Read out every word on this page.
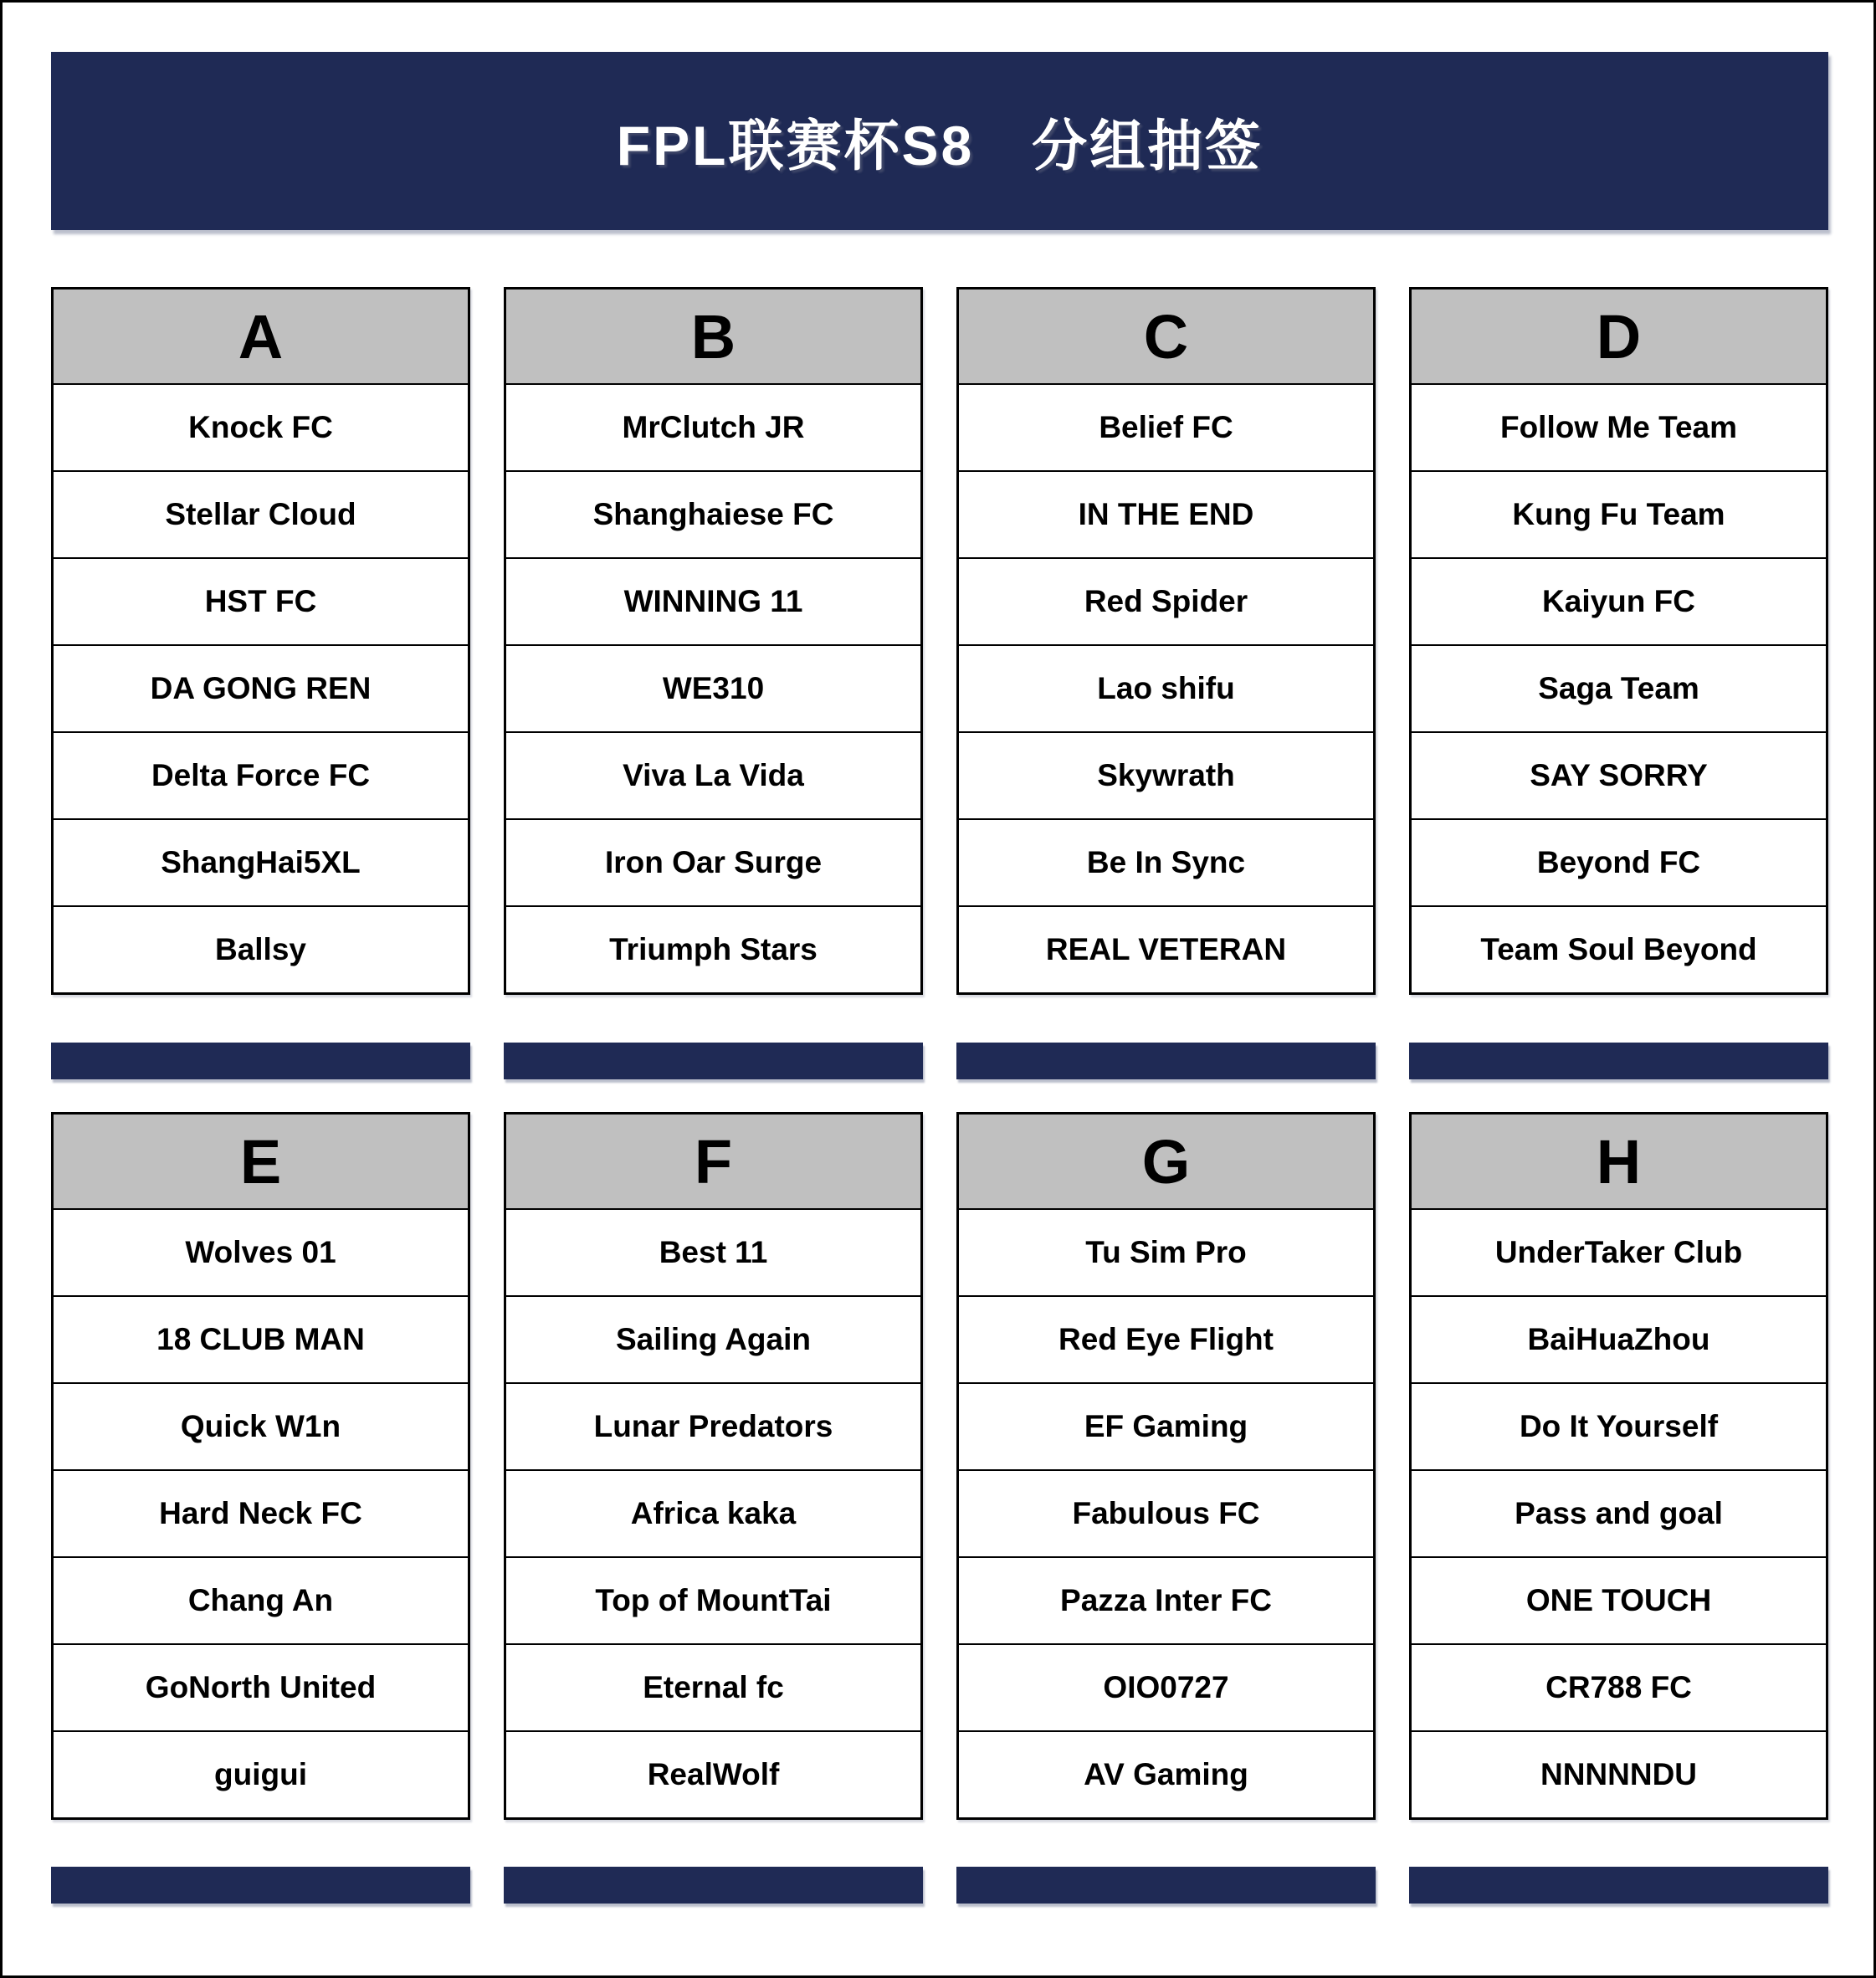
FPL联赛杯S8　分组抽签
A
Knock FC
Stellar Cloud
HST FC
DA GONG REN
Delta Force FC
ShangHai5XL
Ballsy
B
MrClutch JR
Shanghaiese FC
WINNING 11
WE310
Viva La Vida
Iron Oar Surge
Triumph Stars
C
Belief FC
IN THE END
Red Spider
Lao shifu
Skywrath
Be In Sync
REAL VETERAN
D
Follow Me Team
Kung Fu Team
Kaiyun FC
Saga Team
SAY SORRY
Beyond FC
Team Soul Beyond
E
Wolves 01
18 CLUB MAN
Quick W1n
Hard Neck FC
Chang An
GoNorth United
guigui
F
Best 11
Sailing Again
Lunar Predators
Africa kaka
Top of MountTai
Eternal fc
RealWolf
G
Tu Sim Pro
Red Eye Flight
EF Gaming
Fabulous FC
Pazza Inter FC
OIO0727
AV Gaming
H
UnderTaker Club
BaiHuaZhou
Do It Yourself
Pass and goal
ONE TOUCH
CR788 FC
NNNNNDU
